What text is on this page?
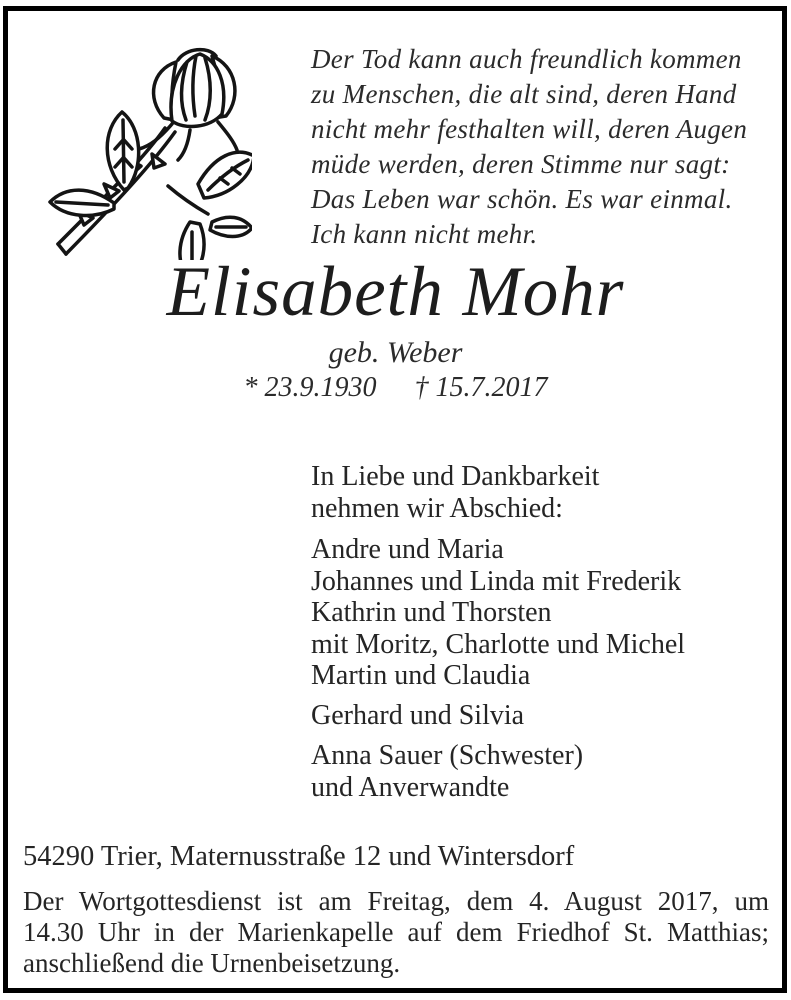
Der Tod kann auch freundlich kommen
zu Menschen, die alt sind, deren Hand
nicht mehr festhalten will, deren Augen
müde werden, deren Stimme nur sagt:
Das Leben war schön. Es war einmal.
Ich kann nicht mehr.
Elisabeth Mohr
geb. Weber
* 23.9.1930 † 15.7.2017
In Liebe und Dankbarkeit
nehmen wir Abschied:
Andre und Maria
Johannes und Linda mit Frederik
Kathrin und Thorsten
mit Moritz, Charlotte und Michel
Martin und Claudia
Gerhard und Silvia
Anna Sauer (Schwester)
und Anverwandte
54290 Trier, Maternusstraße 12 und Wintersdorf
Der Wortgottesdienst ist am Freitag, dem 4. August 2017, um
14.30 Uhr in der Marienkapelle auf dem Friedhof St. Matthias;
anschließend die Urnenbeisetzung.
